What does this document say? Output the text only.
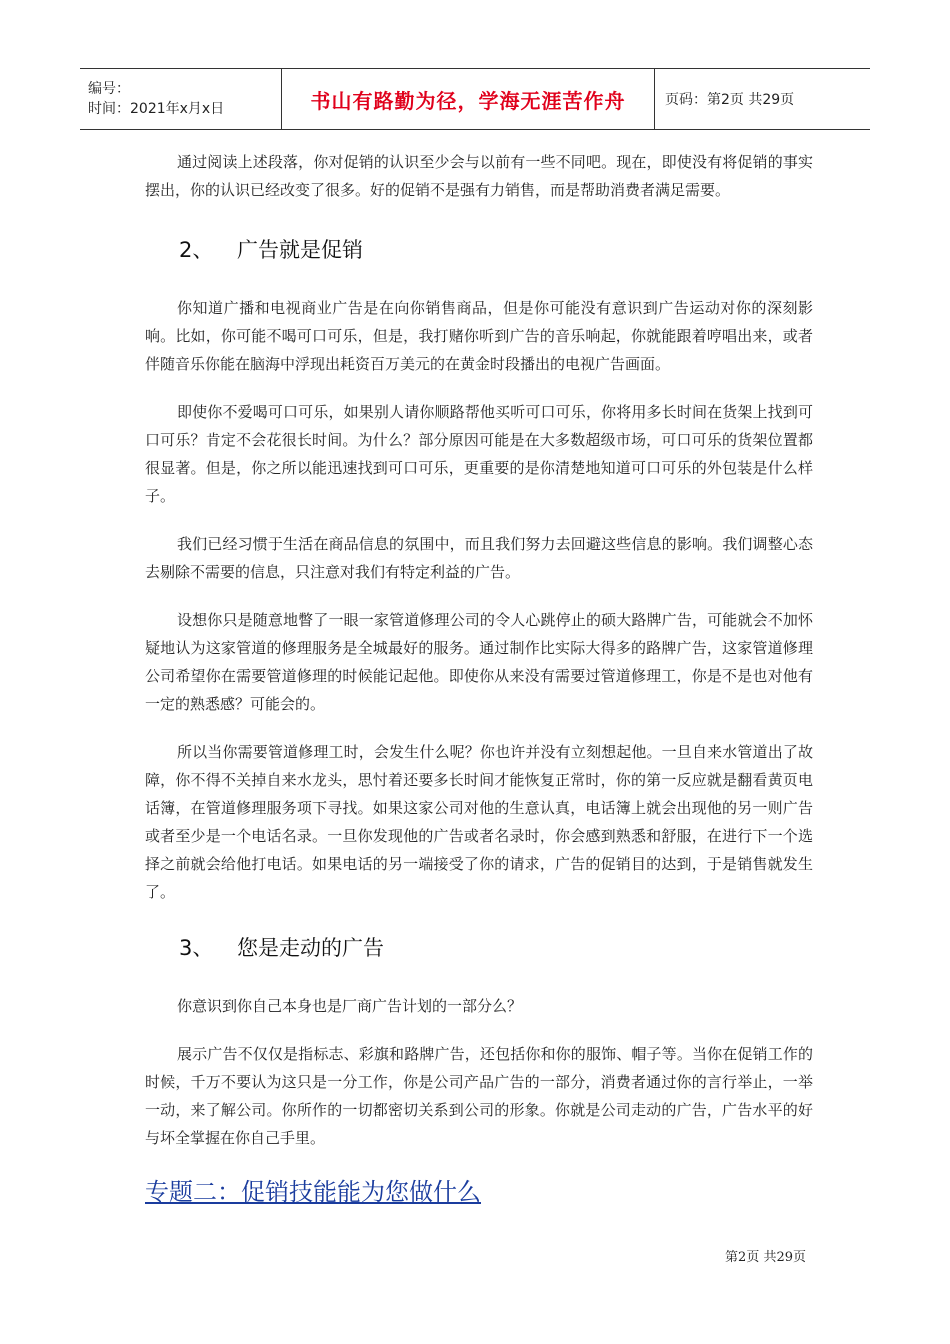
编号：
时间：2021年x月x日	书山有路勤为径，学海无涯苦作舟	页码：第2页 共29页

通过阅读上述段落，你对促销的认识至少会与以前有一些不同吧。现在，即使没有将促销的事实摆出，你的认识已经改变了很多。好的促销不是强有力销售，而是帮助消费者满足需要。

2、 广告就是促销

你知道广播和电视商业广告是在向你销售商品，但是你可能没有意识到广告运动对你的深刻影响。比如，你可能不喝可口可乐，但是，我打赌你听到广告的音乐响起，你就能跟着哼唱出来，或者伴随音乐你能在脑海中浮现出耗资百万美元的在黄金时段播出的电视广告画面。

即使你不爱喝可口可乐，如果别人请你顺路帮他买听可口可乐，你将用多长时间在货架上找到可口可乐？肯定不会花很长时间。为什么？部分原因可能是在大多数超级市场，可口可乐的货架位置都很显著。但是，你之所以能迅速找到可口可乐，更重要的是你清楚地知道可口可乐的外包装是什么样子。

我们已经习惯于生活在商品信息的氛围中，而且我们努力去回避这些信息的影响。我们调整心态去剔除不需要的信息，只注意对我们有特定利益的广告。

设想你只是随意地瞥了一眼一家管道修理公司的令人心跳停止的硕大路牌广告，可能就会不加怀疑地认为这家管道的修理服务是全城最好的服务。通过制作比实际大得多的路牌广告，这家管道修理公司希望你在需要管道修理的时候能记起他。即使你从来没有需要过管道修理工，你是不是也对他有一定的熟悉感？可能会的。

所以当你需要管道修理工时，会发生什么呢？你也许并没有立刻想起他。一旦自来水管道出了故障，你不得不关掉自来水龙头，思忖着还要多长时间才能恢复正常时，你的第一反应就是翻看黄页电话簿，在管道修理服务项下寻找。如果这家公司对他的生意认真，电话簿上就会出现他的另一则广告或者至少是一个电话名录。一旦你发现他的广告或者名录时，你会感到熟悉和舒服，在进行下一个选择之前就会给他打电话。如果电话的另一端接受了你的请求，广告的促销目的达到，于是销售就发生了。

3、 您是走动的广告

你意识到你自己本身也是厂商广告计划的一部分么？

展示广告不仅仅是指标志、彩旗和路牌广告，还包括你和你的服饰、帽子等。当你在促销工作的时候，千万不要认为这只是一分工作，你是公司产品广告的一部分，消费者通过你的言行举止，一举一动，来了解公司。你所作的一切都密切关系到公司的形象。你就是公司走动的广告，广告水平的好与坏全掌握在你自己手里。

专题二：促销技能能为您做什么
第2页 共29页
